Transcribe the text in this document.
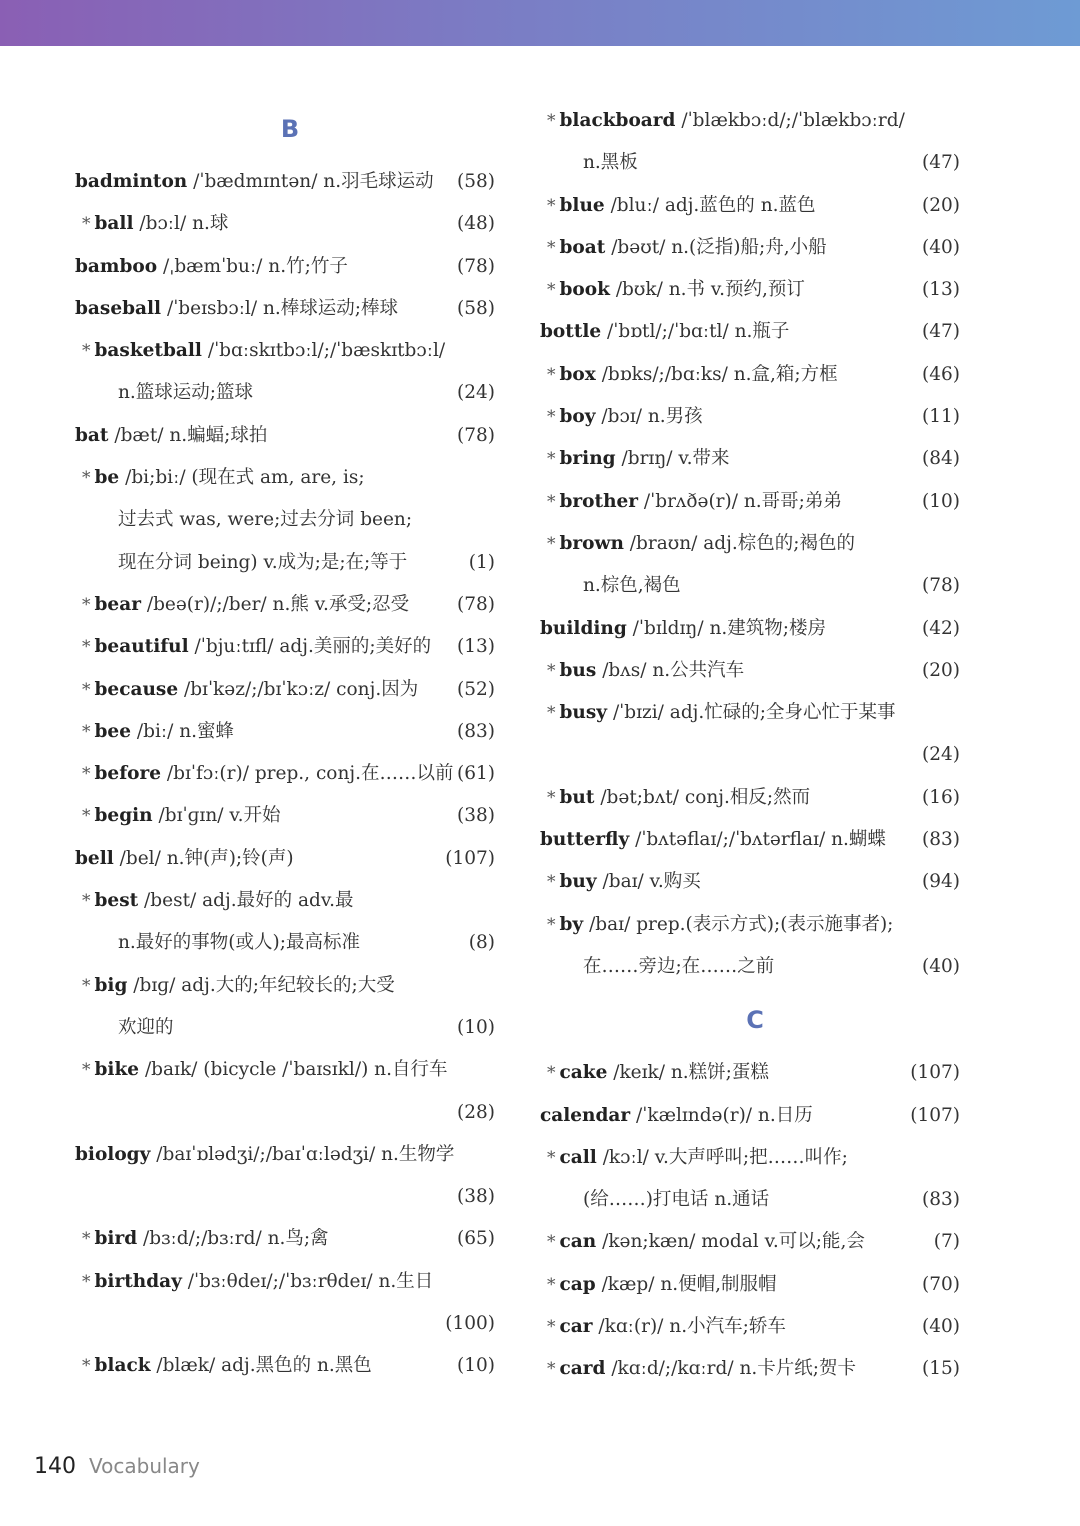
B
badminton /ˈbædmɪntən/ n.羽毛球运动 (58)
* ball /bɔːl/ n.球	(48)
bamboo /ˌbæmˈbuː/ n.竹;竹子	(78)
baseball /ˈbeɪsbɔːl/ n.棒球运动;棒球	(58)
* basketball /ˈbɑːskɪtbɔːl/;/ˈbæskɪtbɔːl/
n.篮球运动;篮球	(24)
bat /bæt/ n.蝙蝠;球拍	(78)
* be /bi;biː/ (现在式 am, are, is;
过去式 was, were;过去分词 been;
现在分词 being) v.成为;是;在;等于	(1)
* bear /beə(r)/;/ber/ n.熊 v.承受;忍受	(78)
* beautiful /ˈbjuːtɪfl/ adj.美丽的;美好的 (13)
* because /bɪˈkəz/;/bɪˈkɔːz/ conj.因为 (52)
* bee /biː/ n.蜜蜂	(83)
* before /bɪˈfɔː(r)/ prep., conj.在……以前 (61)
* begin /bɪˈɡɪn/ v.开始	(38)
bell /bel/ n.钟(声);铃(声)	(107)
* best /best/ adj.最好的 adv.最
n.最好的事物(或人);最高标准	(8)
* big /bɪɡ/ adj.大的;年纪较长的;大受
欢迎的	(10)
* bike /baɪk/ (bicycle /ˈbaɪsɪkl/) n.自行车
(28)
biology /baɪˈɒlədʒi/;/baɪˈɑːlədʒi/ n.生物学
(38)
* bird /bɜːd/;/bɜːrd/ n.鸟;禽	(65)
* birthday /ˈbɜːθdeɪ/;/ˈbɜːrθdeɪ/ n.生日
(100)
* black /blæk/ adj.黑色的 n.黑色	(10)
* blackboard /ˈblækbɔːd/;/ˈblækbɔːrd/
n.黑板	(47)
* blue /bluː/ adj.蓝色的 n.蓝色	(20)
* boat /bəʊt/ n.(泛指)船;舟,小船	(40)
* book /bʊk/ n.书 v.预约,预订	(13)
bottle /ˈbɒtl/;/ˈbɑːtl/ n.瓶子	(47)
* box /bɒks/;/bɑːks/ n.盒,箱;方框	(46)
* boy /bɔɪ/ n.男孩	(11)
* bring /brɪŋ/ v.带来	(84)
* brother /ˈbrʌðə(r)/ n.哥哥;弟弟	(10)
* brown /braʊn/ adj.棕色的;褐色的
n.棕色,褐色	(78)
building /ˈbɪldɪŋ/ n.建筑物;楼房	(42)
* bus /bʌs/ n.公共汽车	(20)
* busy /ˈbɪzi/ adj.忙碌的;全身心忙于某事
(24)
* but /bət;bʌt/ conj.相反;然而	(16)
butterfly /ˈbʌtəflaɪ/;/ˈbʌtərflaɪ/ n.蝴蝶 (83)
* buy /baɪ/ v.购买	(94)
* by /baɪ/ prep.(表示方式);(表示施事者);
在……旁边;在……之前	(40)
C
* cake /keɪk/ n.糕饼;蛋糕	(107)
calendar /ˈkælɪndə(r)/ n.日历	(107)
* call /kɔːl/ v.大声呼叫;把……叫作;
(给……)打电话 n.通话	(83)
* can /kən;kæn/ modal v.可以;能,会	(7)
* cap /kæp/ n.便帽,制服帽	(70)
* car /kɑː(r)/ n.小汽车;轿车	(40)
* card /kɑːd/;/kɑːrd/ n.卡片纸;贺卡	(15)
140 Vocabulary
